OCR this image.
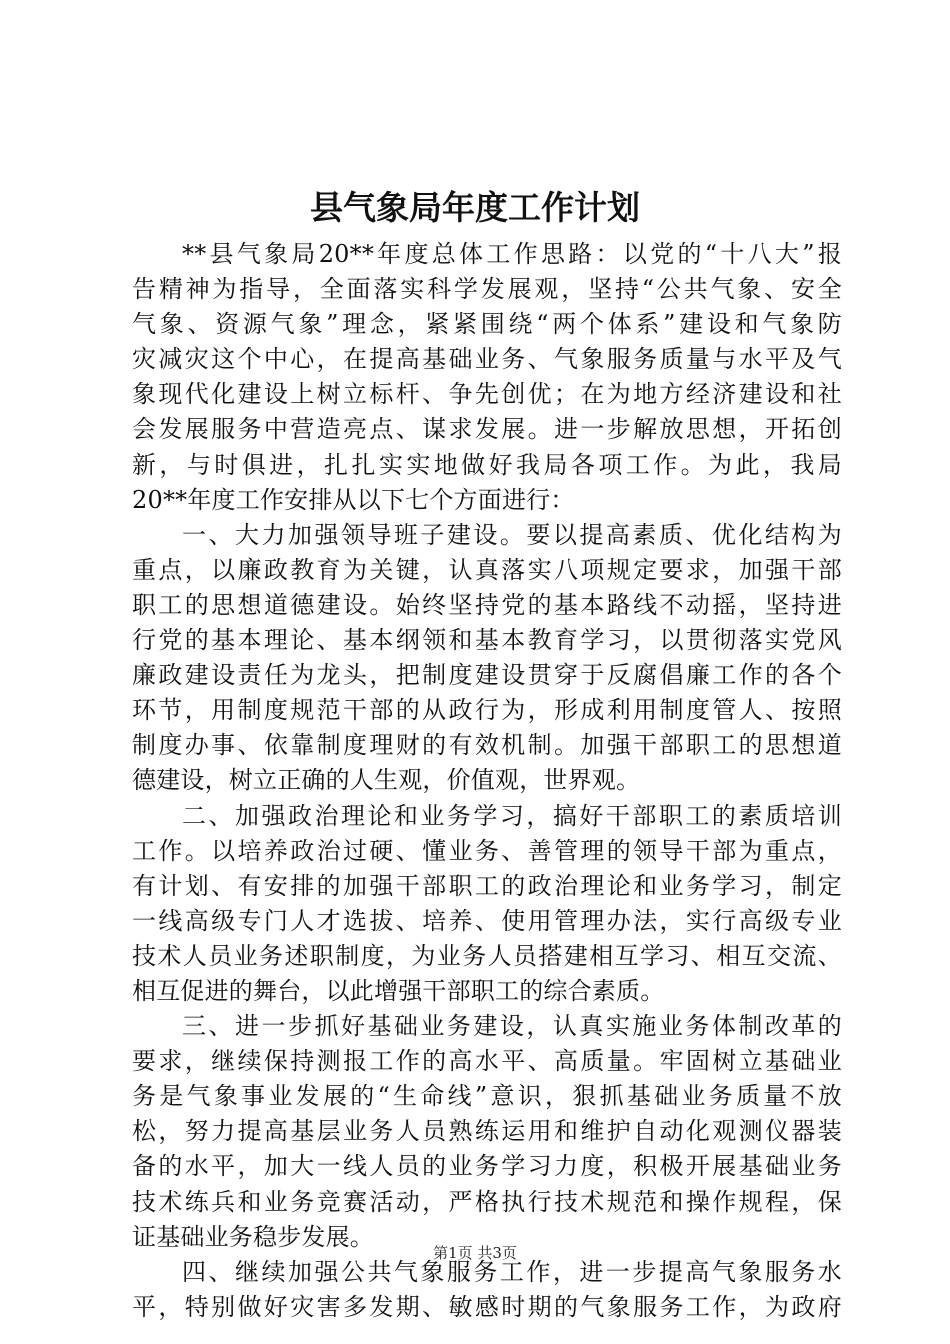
县气象局年度工作计划
**县气象局20**年度总体工作思路：以党的“十八大”报
告精神为指导，全面落实科学发展观，坚持“公共气象、安全
气象、资源气象”理念，紧紧围绕“两个体系”建设和气象防
灾减灾这个中心，在提高基础业务、气象服务质量与水平及气
象现代化建设上树立标杆、争先创优；在为地方经济建设和社
会发展服务中营造亮点、谋求发展。进一步解放思想，开拓创
新，与时俱进，扎扎实实地做好我局各项工作。为此，我局
20**年度工作安排从以下七个方面进行：
一、大力加强领导班子建设。要以提高素质、优化结构为
重点，以廉政教育为关键，认真落实八项规定要求，加强干部
职工的思想道德建设。始终坚持党的基本路线不动摇，坚持进
行党的基本理论、基本纲领和基本教育学习，以贯彻落实党风
廉政建设责任为龙头，把制度建设贯穿于反腐倡廉工作的各个
环节，用制度规范干部的从政行为，形成利用制度管人、按照
制度办事、依靠制度理财的有效机制。加强干部职工的思想道
德建设，树立正确的人生观，价值观，世界观。
二、加强政治理论和业务学习，搞好干部职工的素质培训
工作。以培养政治过硬、懂业务、善管理的领导干部为重点，
有计划、有安排的加强干部职工的政治理论和业务学习，制定
一线高级专门人才选拔、培养、使用管理办法，实行高级专业
技术人员业务述职制度，为业务人员搭建相互学习、相互交流、
相互促进的舞台，以此增强干部职工的综合素质。
三、进一步抓好基础业务建设，认真实施业务体制改革的
要求，继续保持测报工作的高水平、高质量。牢固树立基础业
务是气象事业发展的“生命线”意识，狠抓基础业务质量不放
松，努力提高基层业务人员熟练运用和维护自动化观测仪器装
备的水平，加大一线人员的业务学习力度，积极开展基础业务
技术练兵和业务竞赛活动，严格执行技术规范和操作规程，保
证基础业务稳步发展。
四、继续加强公共气象服务工作，进一步提高气象服务水
平，特别做好灾害多发期、敏感时期的气象服务工作，为政府
第1页 共3页
